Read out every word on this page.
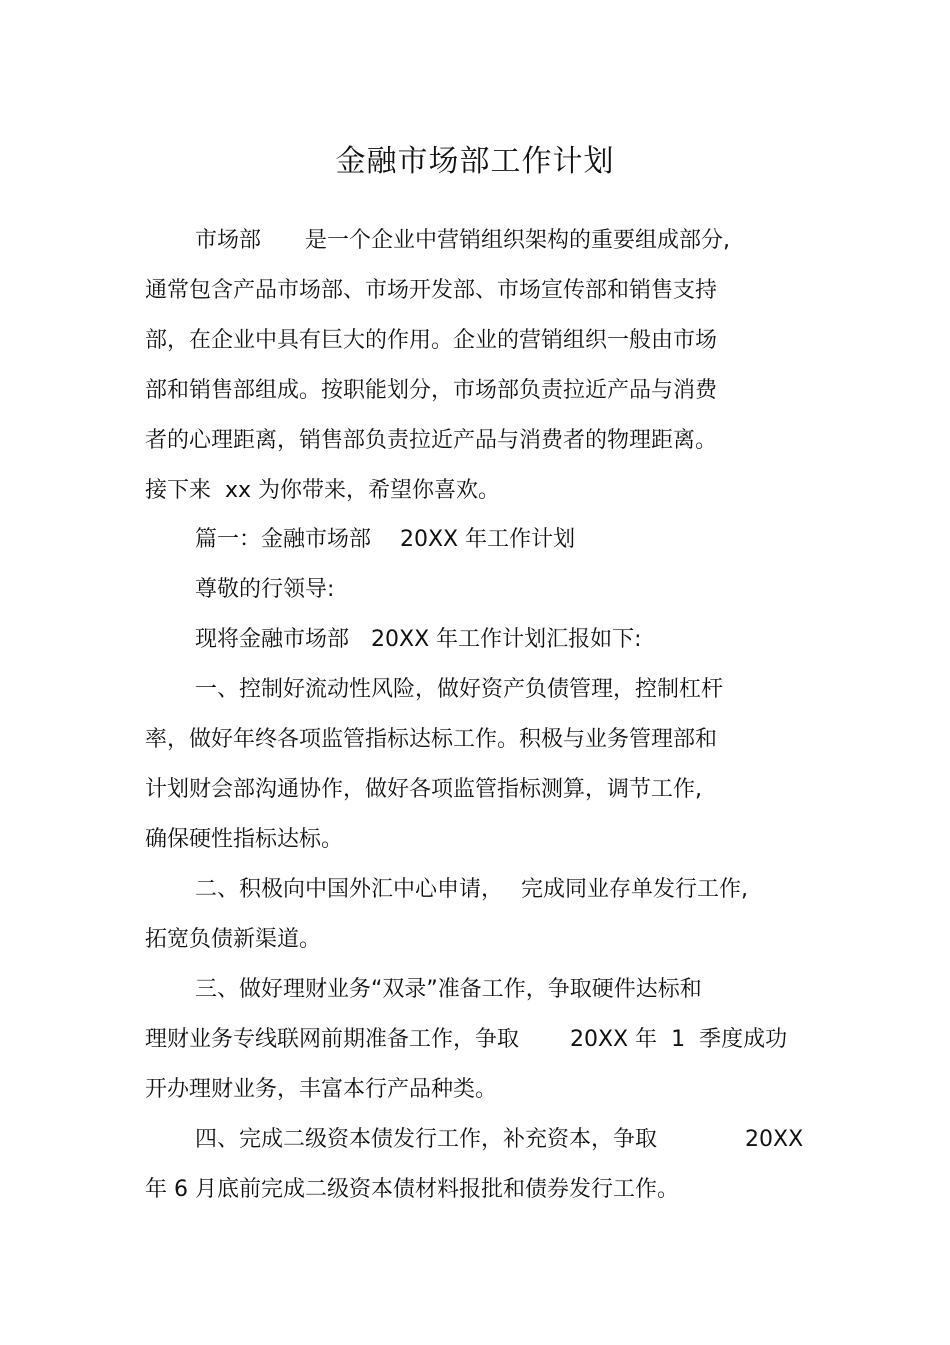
金融市场部工作计划
市场部　　是一个企业中营销组织架构的重要组成部分,
通常包含产品市场部、市场开发部、市场宣传部和销售支持
部，在企业中具有巨大的作用。企业的营销组织一般由市场
部和销售部组成。按职能划分，市场部负责拉近产品与消费
者的心理距离，销售部负责拉近产品与消费者的物理距离。
接下来  xx 为你带来，希望你喜欢。
篇一：金融市场部　 20XX 年工作计划
尊敬的行领导:
现将金融市场部　20XX 年工作计划汇报如下:
一、控制好流动性风险，做好资产负债管理，控制杠杆
率，做好年终各项监管指标达标工作。积极与业务管理部和
计划财会部沟通协作，做好各项监管指标测算，调节工作,
确保硬性指标达标。
二、积极向中国外汇中心申请，　 完成同业存单发行工作,
拓宽负债新渠道。
三、做好理财业务“双录”准备工作，争取硬件达标和
理财业务专线联网前期准备工作，争取　　 20XX 年  1  季度成功
开办理财业务，丰富本行产品种类。
四、完成二级资本债发行工作，补充资本，争取　　　　20XX
年 6 月底前完成二级资本债材料报批和债券发行工作。
